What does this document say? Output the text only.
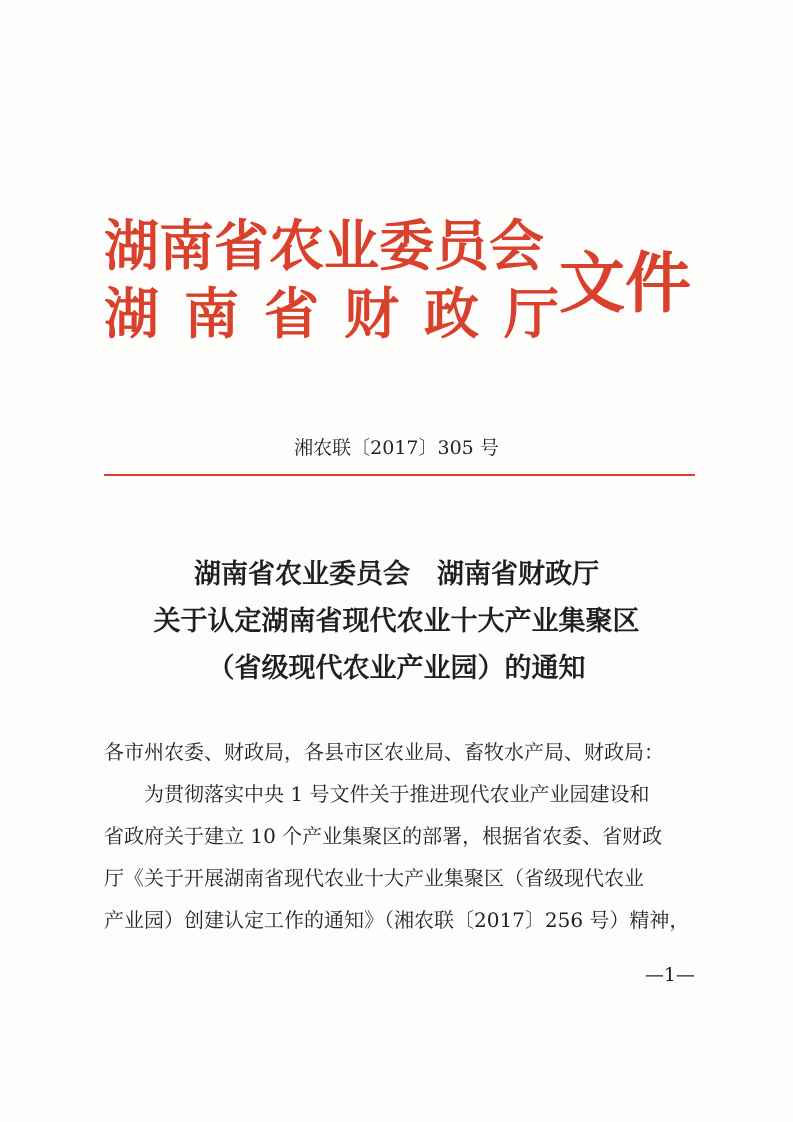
湖南省农业委员会
湖南省财政厅
文件
湘农联〔2017〕305 号
湖南省农业委员会　湖南省财政厅
关于认定湖南省现代农业十大产业集聚区
（省级现代农业产业园）的通知

各市州农委、财政局，各县市区农业局、畜牧水产局、财政局：

为贯彻落实中央 1 号文件关于推进现代农业产业园建设和

省政府关于建立 10 个产业集聚区的部署，根据省农委、省财政

厅《关于开展湖南省现代农业十大产业集聚区（省级现代农业

产业园）创建认定工作的通知》（湘农联〔2017〕256 号）精神，

—1—
